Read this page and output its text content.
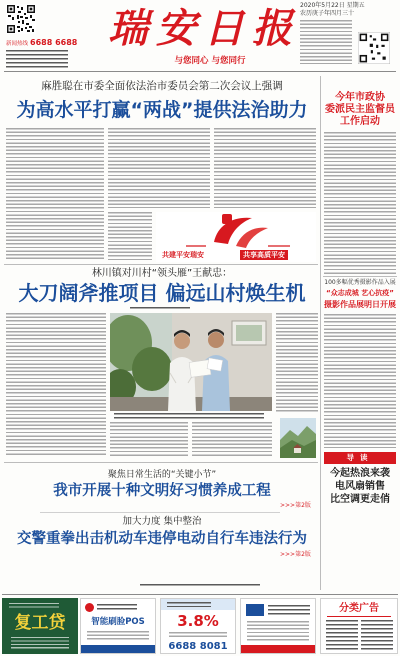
新闻热线 6688 6688 瑞安日报
与您同心 与您同行
2020年5月22日 星期五
农历庚子年四月三十
麻胜聪在市委全面依法治市委员会第二次会议上强调
为高水平打赢“两战”提供法治助力
共建平安瑞安	共享高质平安
林川镇对川村“领头雁”王献忠：
大刀阔斧推项目 偏远山村焕生机
聚焦日常生活的“关键小节”
我市开展十种文明好习惯养成工程
>>>第2版
加大力度 集中整治
交警重拳出击机动车违停电动自行车违法行为
>>>第2版
今年市政协
委派民主监督员
工作启动
100多幅优秀摄影作品入展
“众志成城 艺心抗疫”
摄影作品展明日开展
导读
今起热浪来袭
电风扇销售
比空调更走俏
复工贷	智能刷脸POS	3.8%
6688 8081
分类广告
